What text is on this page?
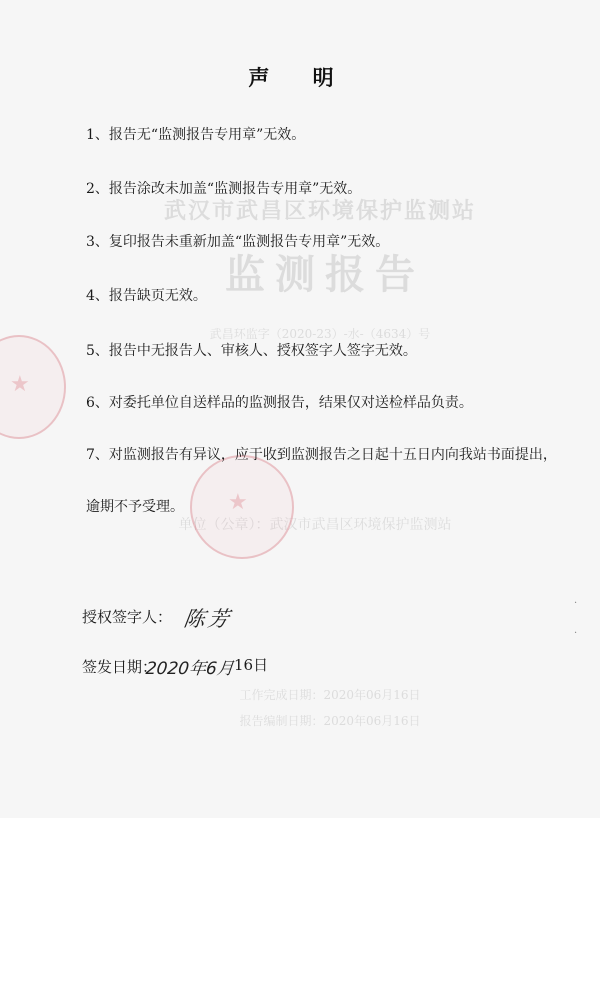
武汉市武昌区环境保护监测站
监测报告
武昌环监字（2020-23）-水-（4634）号
单位（公章）：武汉市武昌区环境保护监测站
工作完成日期：2020年06月16日
报告编制日期：2020年06月16日
★
★
声 明
1、报告无“监测报告专用章”无效。
2、报告涂改未加盖“监测报告专用章”无效。
3、复印报告未重新加盖“监测报告专用章”无效。
4、报告缺页无效。
5、报告中无报告人、审核人、授权签字人签字无效。
6、对委托单位自送样品的监测报告，结果仅对送检样品负责。
7、对监测报告有异议，应于收到监测报告之日起十五日内向我站书面提出，
逾期不予受理。
授权签字人： 陈芳
签发日期：
2020年6月 16日
·
·
